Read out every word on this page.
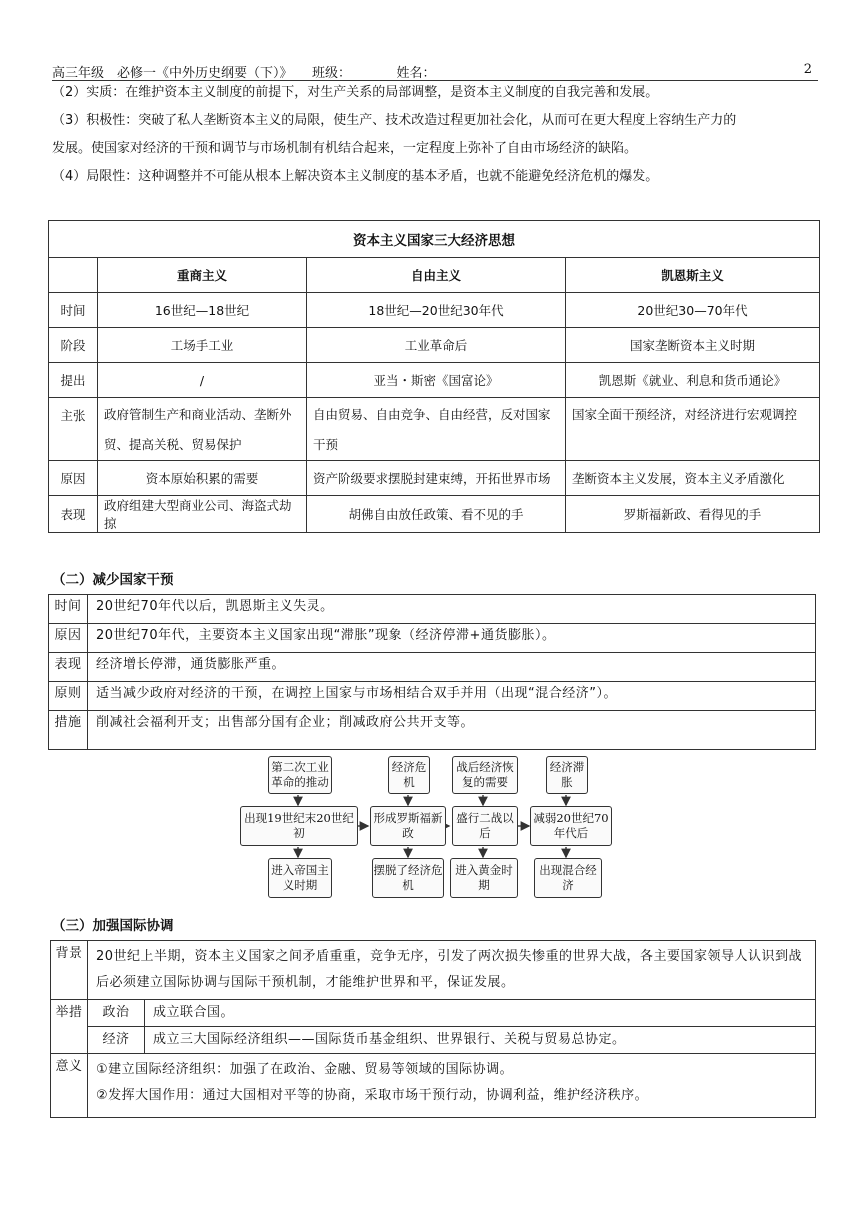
高三年级　必修一《中外历史纲要（下）》　　班级：　　　　姓名：	2
（2）实质：在维护资本主义制度的前提下，对生产关系的局部调整，是资本主义制度的自我完善和发展。
（3）积极性：突破了私人垄断资本主义的局限，使生产、技术改造过程更加社会化，从而可在更大程度上容纳生产力的
发展。使国家对经济的干预和调节与市场机制有机结合起来，一定程度上弥补了自由市场经济的缺陷。
（4）局限性：这种调整并不可能从根本上解决资本主义制度的基本矛盾，也就不能避免经济危机的爆发。
资本主义国家三大经济思想			
	重商主义	自由主义	凯恩斯主义
时间	16世纪—18世纪	18世纪—20世纪30年代	20世纪30—70年代
阶段	工场手工业	工业革命后	国家垄断资本主义时期
提出	/	亚当・斯密《国富论》	凯恩斯《就业、利息和货币通论》
主张	政府管制生产和商业活动、垄断外贸、提高关税、贸易保护	自由贸易、自由竞争、自由经营，反对国家干预	国家全面干预经济，对经济进行宏观调控
原因	资本原始积累的需要	资产阶级要求摆脱封建束缚，开拓世界市场	垄断资本主义发展，资本主义矛盾激化
表现	政府组建大型商业公司、海盗式劫掠	胡佛自由放任政策、看不见的手	罗斯福新政、看得见的手
（二）减少国家干预
时间	20世纪70年代以后，凯恩斯主义失灵。
原因	20世纪70年代，主要资本主义国家出现“滞胀”现象（经济停滞+通货膨胀）。
表现	经济增长停滞，通货膨胀严重。
原则	适当减少政府对经济的干预，在调控上国家与市场相结合双手并用（出现“混合经济”）。
措施	削减社会福利开支；出售部分国有企业；削减政府公共开支等。
第二次工业革命的推动
经济危机
战后经济恢复的需要
经济滞胀
出现19世纪末20世纪初
形成罗斯福新政
盛行二战以后
减弱20世纪70年代后
进入帝国主义时期
摆脱了经济危机
进入黄金时期
出现混合经济
（三）加强国际协调
背景	20世纪上半期，资本主义国家之间矛盾重重，竞争无序，引发了两次损失惨重的世界大战，各主要国家领导人认识到战后必须建立国际协调与国际干预机制，才能维护世界和平，保证发展。	
举措	政治	成立联合国。
	经济	成立三大国际经济组织——国际货币基金组织、世界银行、关税与贸易总协定。
意义	①建立国际经济组织：加强了在政治、金融、贸易等领域的国际协调。
②发挥大国作用：通过大国相对平等的协商，采取市场干预行动，协调利益，维护经济秩序。	
